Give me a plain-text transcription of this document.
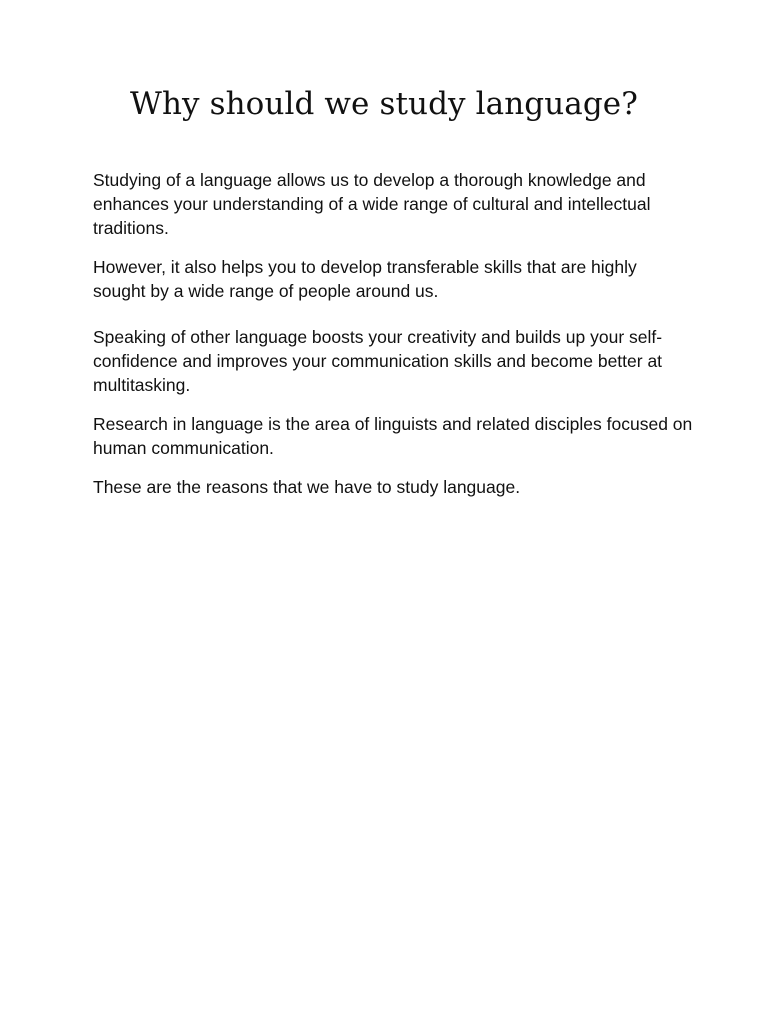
Why should we study language?

Studying of a language allows us to develop a thorough knowledge and enhances your understanding of a wide range of cultural and intellectual traditions.

However, it also helps you to develop transferable skills that are highly sought by a wide range of people around us.

Speaking of other language boosts your creativity and builds up your self-confidence and improves your communication skills and become better at multitasking.

Research in language is the area of linguists and related disciples focused on human communication.

These are the reasons that we have to study language.
